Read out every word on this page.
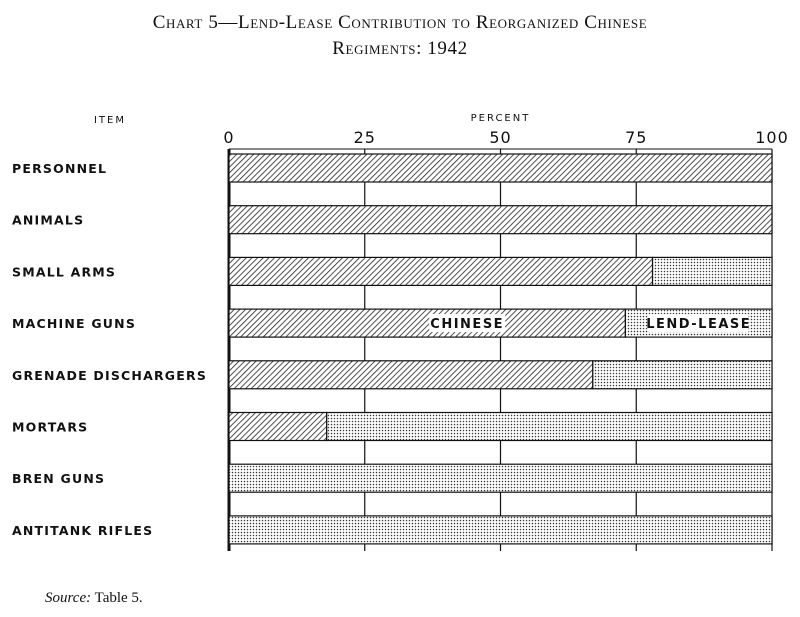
Chart 5—Lend-Lease Contribution to Reorganized Chinese
Regiments: 1942
ITEM	PERCENT
0	25	50	75	100
PERSONNEL
ANIMALS
SMALL ARMS
MACHINE GUNS
GRENADE DISCHARGERS
MORTARS
BREN GUNS
ANTITANK RIFLES
CHINESE	LEND-LEASE
Source: Table 5.
